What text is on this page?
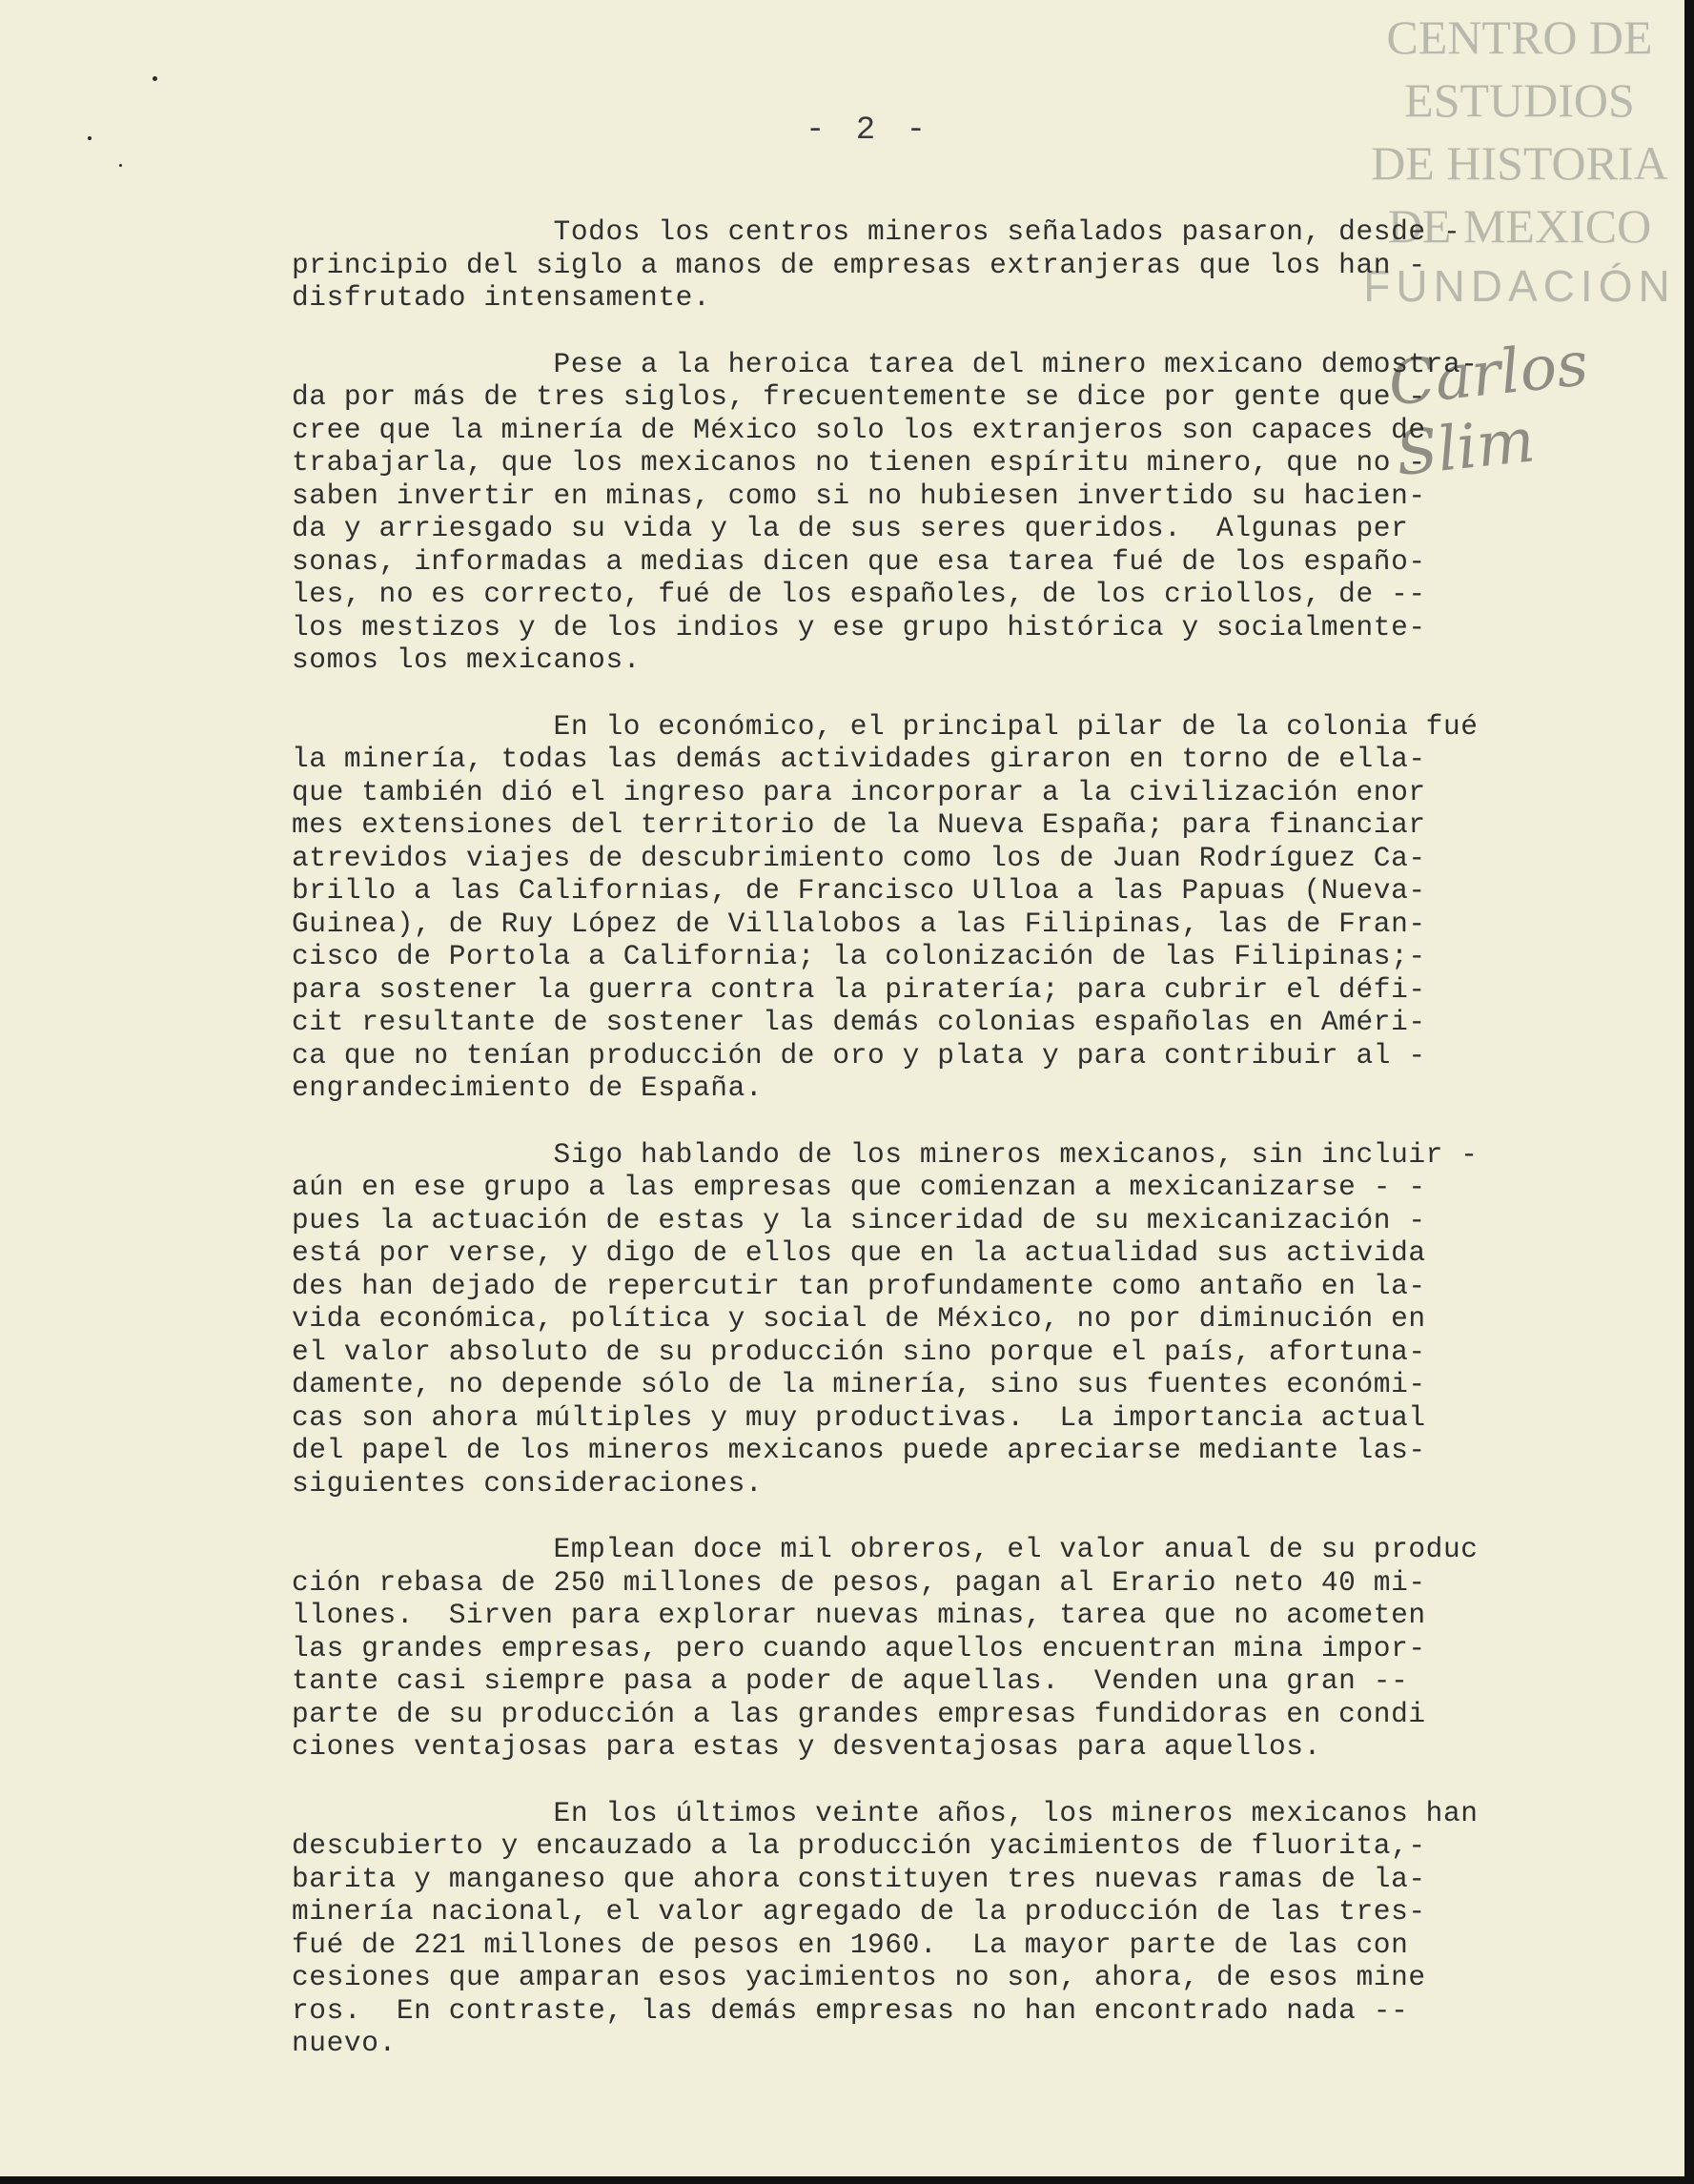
CENTRO DE
ESTUDIOS
DE HISTORIA
DE MEXICO
FUNDACIÓN
Carlos Slim
- 2 -
Todos los centros mineros señalados pasaron, desde -
principio del siglo a manos de empresas extranjeras que los han -
disfrutado intensamente.
Pese a la heroica tarea del minero mexicano demostra-
da por más de tres siglos, frecuentemente se dice por gente que -
cree que la minería de México solo los extranjeros son capaces de
trabajarla, que los mexicanos no tienen espíritu minero, que no -
saben invertir en minas, como si no hubiesen invertido su hacien-
da y arriesgado su vida y la de sus seres queridos.  Algunas per
sonas, informadas a medias dicen que esa tarea fué de los españo-
les, no es correcto, fué de los españoles, de los criollos, de --
los mestizos y de los indios y ese grupo histórica y socialmente-
somos los mexicanos.
En lo económico, el principal pilar de la colonia fué
la minería, todas las demás actividades giraron en torno de ella-
que también dió el ingreso para incorporar a la civilización enor
mes extensiones del territorio de la Nueva España; para financiar
atrevidos viajes de descubrimiento como los de Juan Rodríguez Ca-
brillo a las Californias, de Francisco Ulloa a las Papuas (Nueva-
Guinea), de Ruy López de Villalobos a las Filipinas, las de Fran-
cisco de Portola a California; la colonización de las Filipinas;-
para sostener la guerra contra la piratería; para cubrir el défi-
cit resultante de sostener las demás colonias españolas en Améri-
ca que no tenían producción de oro y plata y para contribuir al -
engrandecimiento de España.
Sigo hablando de los mineros mexicanos, sin incluir -
aún en ese grupo a las empresas que comienzan a mexicanizarse - -
pues la actuación de estas y la sinceridad de su mexicanización -
está por verse, y digo de ellos que en la actualidad sus activida
des han dejado de repercutir tan profundamente como antaño en la-
vida económica, política y social de México, no por diminución en
el valor absoluto de su producción sino porque el país, afortuna-
damente, no depende sólo de la minería, sino sus fuentes económi-
cas son ahora múltiples y muy productivas.  La importancia actual
del papel de los mineros mexicanos puede apreciarse mediante las-
siguientes consideraciones.
Emplean doce mil obreros, el valor anual de su produc
ción rebasa de 250 millones de pesos, pagan al Erario neto 40 mi-
llones.  Sirven para explorar nuevas minas, tarea que no acometen
las grandes empresas, pero cuando aquellos encuentran mina impor-
tante casi siempre pasa a poder de aquellas.  Venden una gran --
parte de su producción a las grandes empresas fundidoras en condi
ciones ventajosas para estas y desventajosas para aquellos.
En los últimos veinte años, los mineros mexicanos han
descubierto y encauzado a la producción yacimientos de fluorita,-
barita y manganeso que ahora constituyen tres nuevas ramas de la-
minería nacional, el valor agregado de la producción de las tres-
fué de 221 millones de pesos en 1960.  La mayor parte de las con
cesiones que amparan esos yacimientos no son, ahora, de esos mine
ros.  En contraste, las demás empresas no han encontrado nada --
nuevo.
